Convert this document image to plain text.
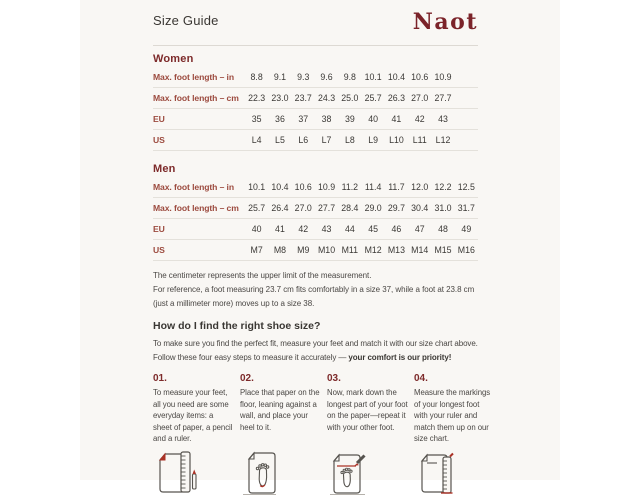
Size Guide	Naot
Women
Max. foot length – in	8.8	9.1	9.3	9.6	9.8 10.1 10.4 10.6 10.9
Max. foot length – cm	22.3 23.0 23.7 24.3 25.0 25.7 26.3 27.0 27.7
EU	35	36	37	38	39	40	41	42	43
US	L4	L5	L6	L7	L8	L9	L10	L11	L12
Men
Max. foot length – in	10.1 10.4 10.6 10.9 11.2 11.4 11.7 12.0 12.2 12.5
Max. foot length – cm	25.7 26.4 27.0 27.7 28.4 29.0 29.7 30.4 31.0 31.7
EU	40	41	42	43	44	45	46	47	48	49
US	M7	M8	M9 M10 M11 M12 M13 M14 M15 M16
The centimeter represents the upper limit of the measurement.
For reference, a foot measuring 23.7 cm fits comfortably in a size 37, while a foot at 23.8 cm (just a millimeter more) moves up to a size 38.
How do I find the right shoe size?
To make sure you find the perfect fit, measure your feet and match it with our size chart above. Follow these four easy steps to measure it accurately — your comfort is our priority!
01.
To measure your feet, all you need are some everyday items: a sheet of paper, a pencil and a ruler.
02.
Place that paper on the floor, leaning against a wall, and place your heel to it.
03.
Now, mark down the longest part of your foot on the paper—repeat it with your other foot.
04.
Measure the markings of your longest foot with your ruler and match them up on our size chart.
